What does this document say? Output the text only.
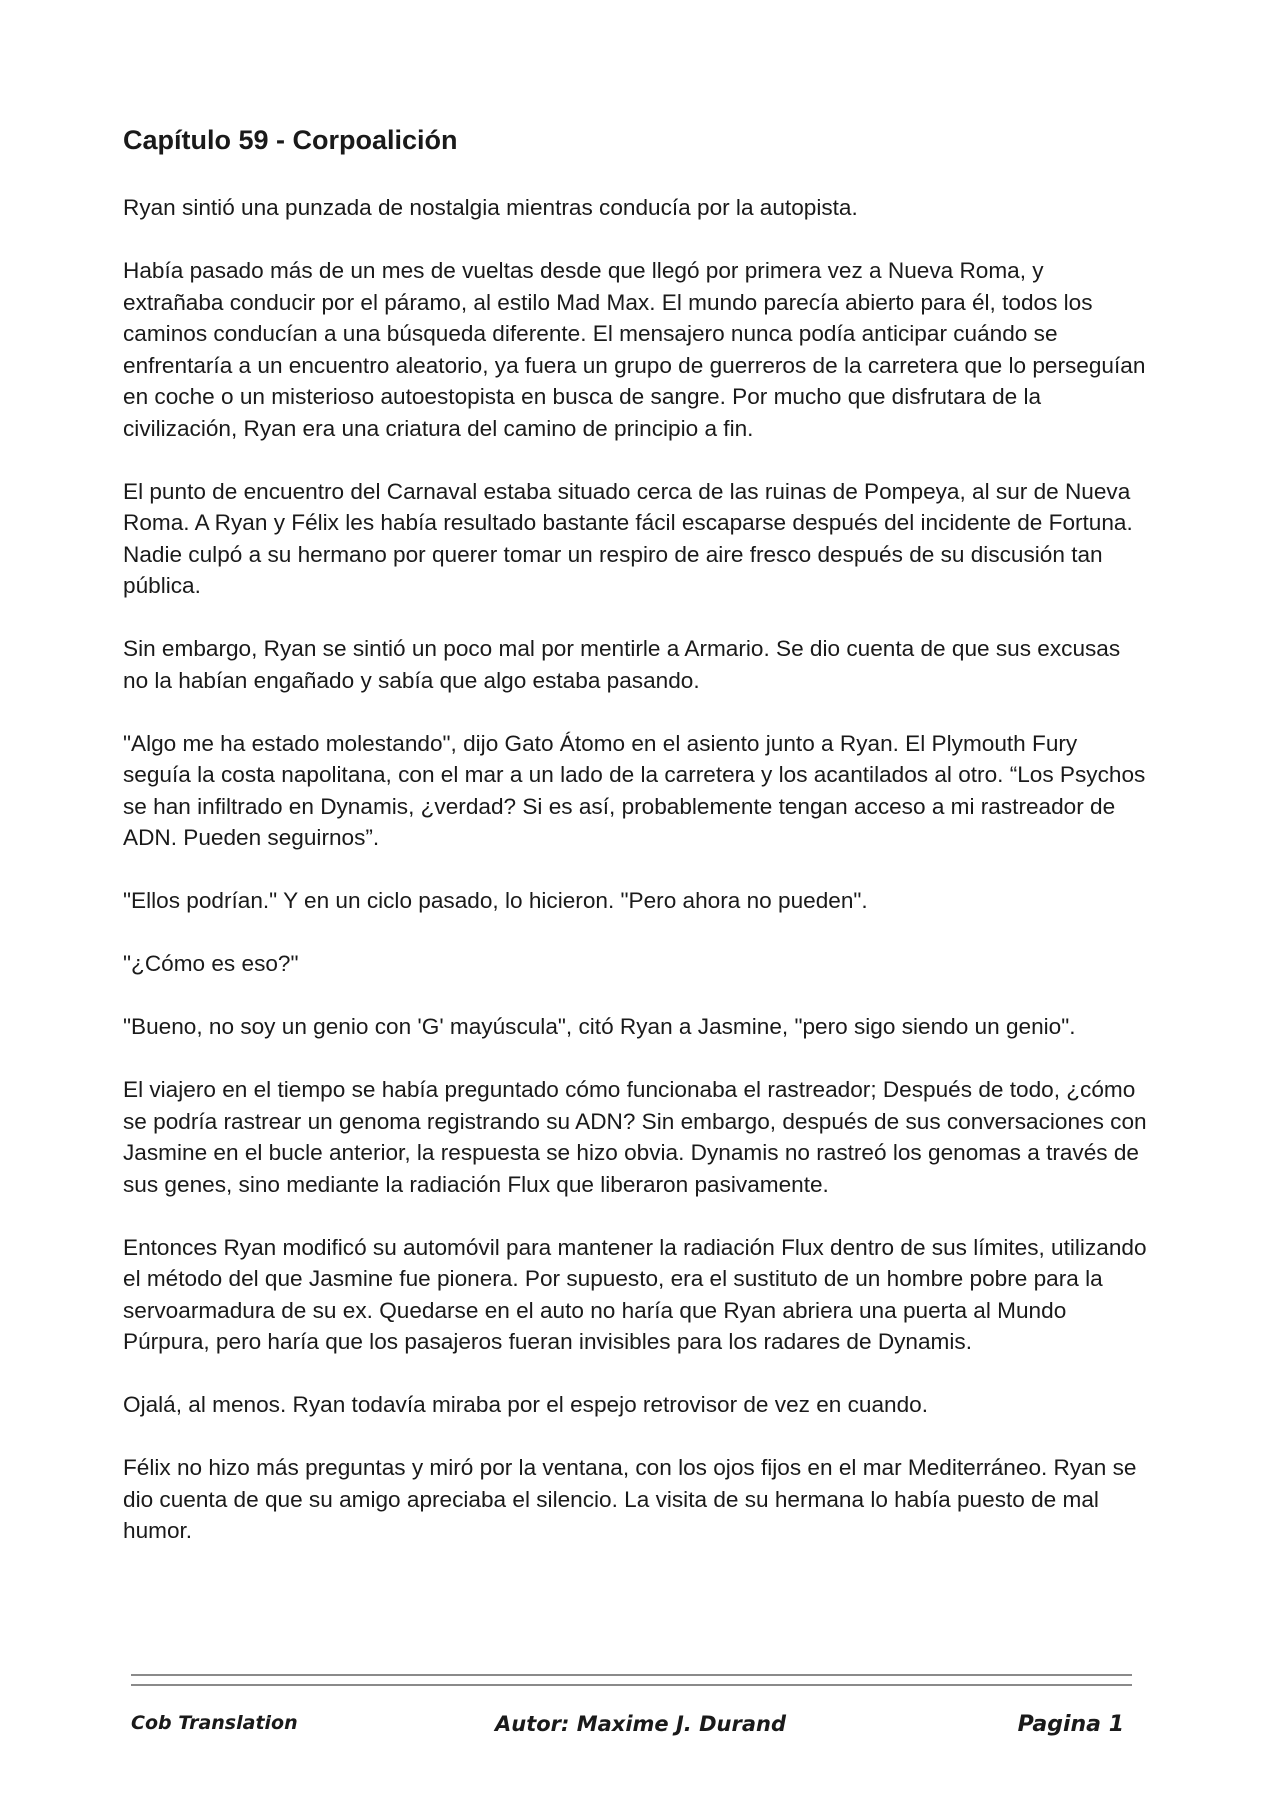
Capítulo 59 - Corpoalición

Ryan sintió una punzada de nostalgia mientras conducía por la autopista.

Había pasado más de un mes de vueltas desde que llegó por primera vez a Nueva Roma, y extrañaba conducir por el páramo, al estilo Mad Max. El mundo parecía abierto para él, todos los caminos conducían a una búsqueda diferente. El mensajero nunca podía anticipar cuándo se enfrentaría a un encuentro aleatorio, ya fuera un grupo de guerreros de la carretera que lo perseguían en coche o un misterioso autoestopista en busca de sangre. Por mucho que disfrutara de la civilización, Ryan era una criatura del camino de principio a fin.

El punto de encuentro del Carnaval estaba situado cerca de las ruinas de Pompeya, al sur de Nueva Roma. A Ryan y Félix les había resultado bastante fácil escaparse después del incidente de Fortuna. Nadie culpó a su hermano por querer tomar un respiro de aire fresco después de su discusión tan pública.

Sin embargo, Ryan se sintió un poco mal por mentirle a Armario. Se dio cuenta de que sus excusas no la habían engañado y sabía que algo estaba pasando.

"Algo me ha estado molestando", dijo Gato Átomo en el asiento junto a Ryan. El Plymouth Fury seguía la costa napolitana, con el mar a un lado de la carretera y los acantilados al otro. “Los Psychos se han infiltrado en Dynamis, ¿verdad? Si es así, probablemente tengan acceso a mi rastreador de ADN. Pueden seguirnos”.

"Ellos podrían." Y en un ciclo pasado, lo hicieron. "Pero ahora no pueden".

"¿Cómo es eso?"

"Bueno, no soy un genio con 'G' mayúscula", citó Ryan a Jasmine, "pero sigo siendo un genio".

El viajero en el tiempo se había preguntado cómo funcionaba el rastreador; Después de todo, ¿cómo se podría rastrear un genoma registrando su ADN? Sin embargo, después de sus conversaciones con Jasmine en el bucle anterior, la respuesta se hizo obvia. Dynamis no rastreó los genomas a través de sus genes, sino mediante la radiación Flux que liberaron pasivamente.

Entonces Ryan modificó su automóvil para mantener la radiación Flux dentro de sus límites, utilizando el método del que Jasmine fue pionera. Por supuesto, era el sustituto de un hombre pobre para la servoarmadura de su ex. Quedarse en el auto no haría que Ryan abriera una puerta al Mundo Púrpura, pero haría que los pasajeros fueran invisibles para los radares de Dynamis.

Ojalá, al menos. Ryan todavía miraba por el espejo retrovisor de vez en cuando.

Félix no hizo más preguntas y miró por la ventana, con los ojos fijos en el mar Mediterráneo. Ryan se dio cuenta de que su amigo apreciaba el silencio. La visita de su hermana lo había puesto de mal humor.

Cob Translation	Autor: Maxime J. Durand	Pagina 1
